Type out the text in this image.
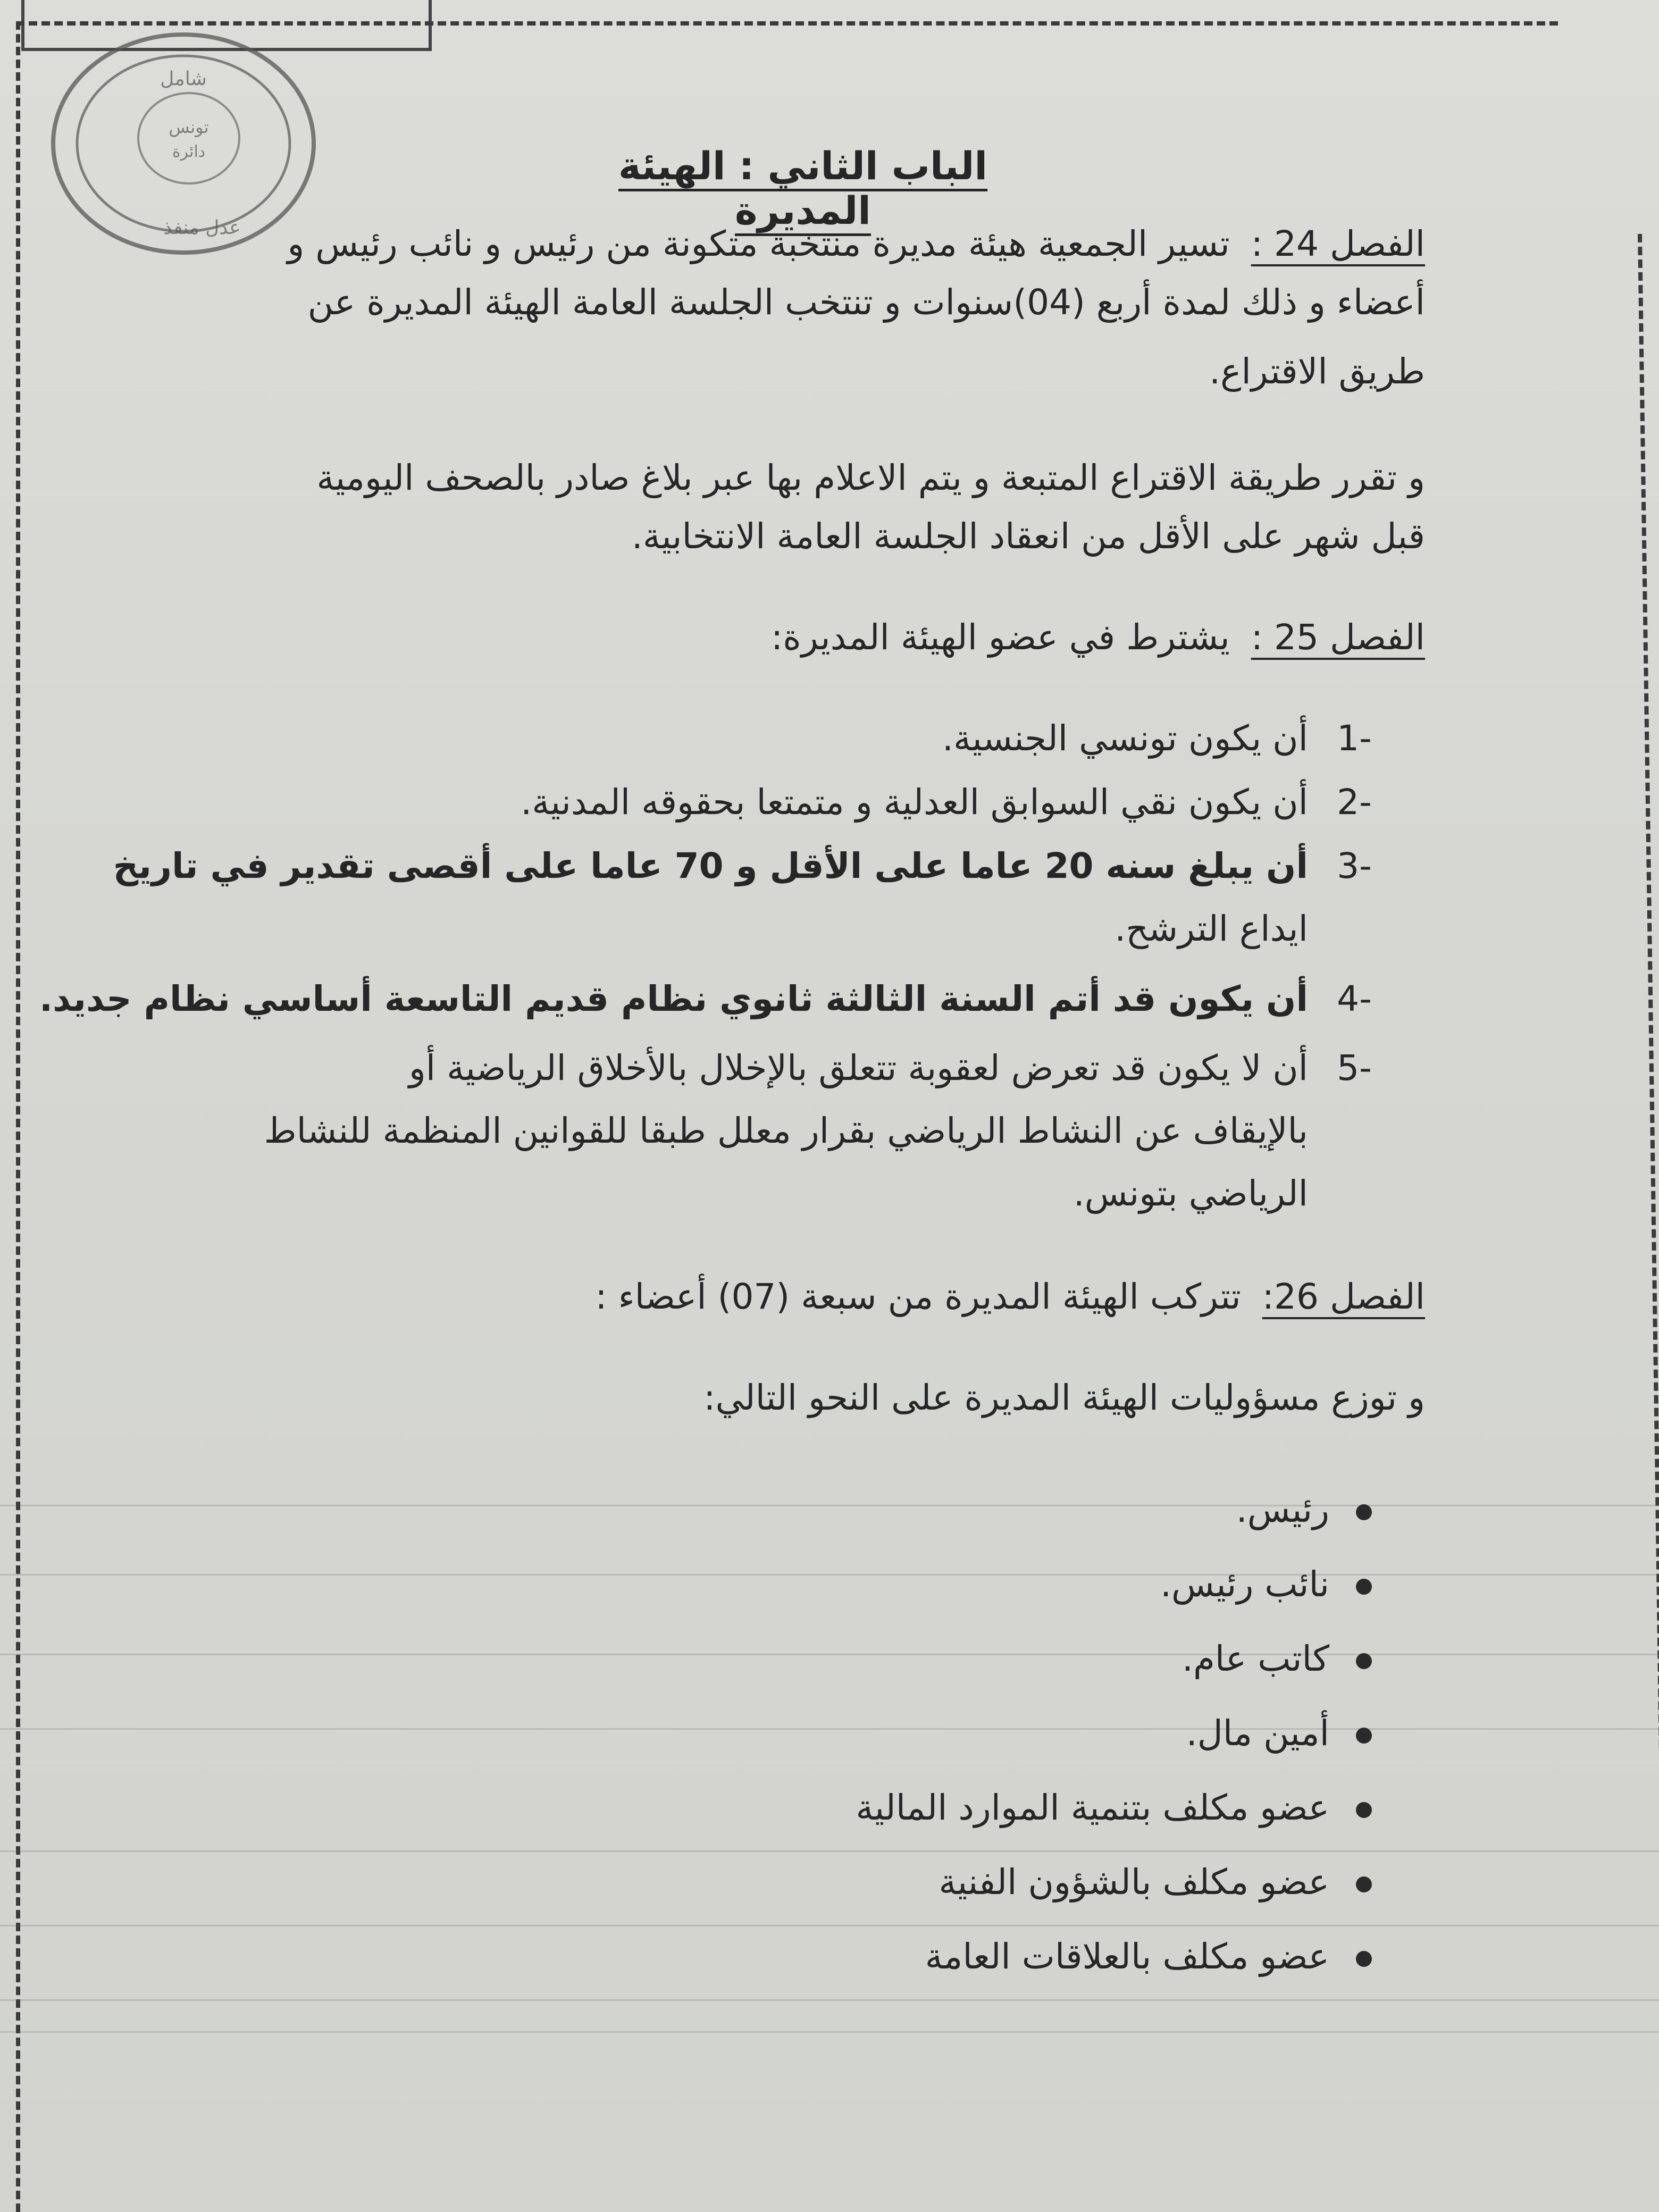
شامل
تونس
دائرة
عدل منفذ
الباب الثاني : الهيئة المديرة
الفصل 24 :تسير الجمعية هيئة مديرة منتخبة متكونة من رئيس و نائب رئيس و
أعضاء و ذلك لمدة أربع (04)سنوات و تنتخب الجلسة العامة الهيئة المديرة عن
طريق الاقتراع.
و تقرر طريقة الاقتراع المتبعة و يتم الاعلام بها عبر بلاغ صادر بالصحف اليومية
قبل شهر على الأقل من انعقاد الجلسة العامة الانتخابية.
الفصل 25 :يشترط في عضو الهيئة المديرة:
-1
أن يكون تونسي الجنسية.
-2
أن يكون نقي السوابق العدلية و متمتعا بحقوقه المدنية.
-3
أن يبلغ سنه 20 عاما على الأقل و 70 عاما على أقصى تقدير في تاريخ
ايداع الترشح.
-4
أن يكون قد أتم السنة الثالثة ثانوي نظام قديم التاسعة أساسي نظام جديد.
-5
أن لا يكون قد تعرض لعقوبة تتعلق بالإخلال بالأخلاق الرياضية أو
بالإيقاف عن النشاط الرياضي بقرار معلل طبقا للقوانين المنظمة للنشاط
الرياضي بتونس.
الفصل 26:تتركب الهيئة المديرة من سبعة (07) أعضاء :
و توزع مسؤوليات الهيئة المديرة على النحو التالي:
رئيس.
نائب رئيس.
كاتب عام.
أمين مال.
عضو مكلف بتنمية الموارد المالية
عضو مكلف بالشؤون الفنية
عضو مكلف بالعلاقات العامة
